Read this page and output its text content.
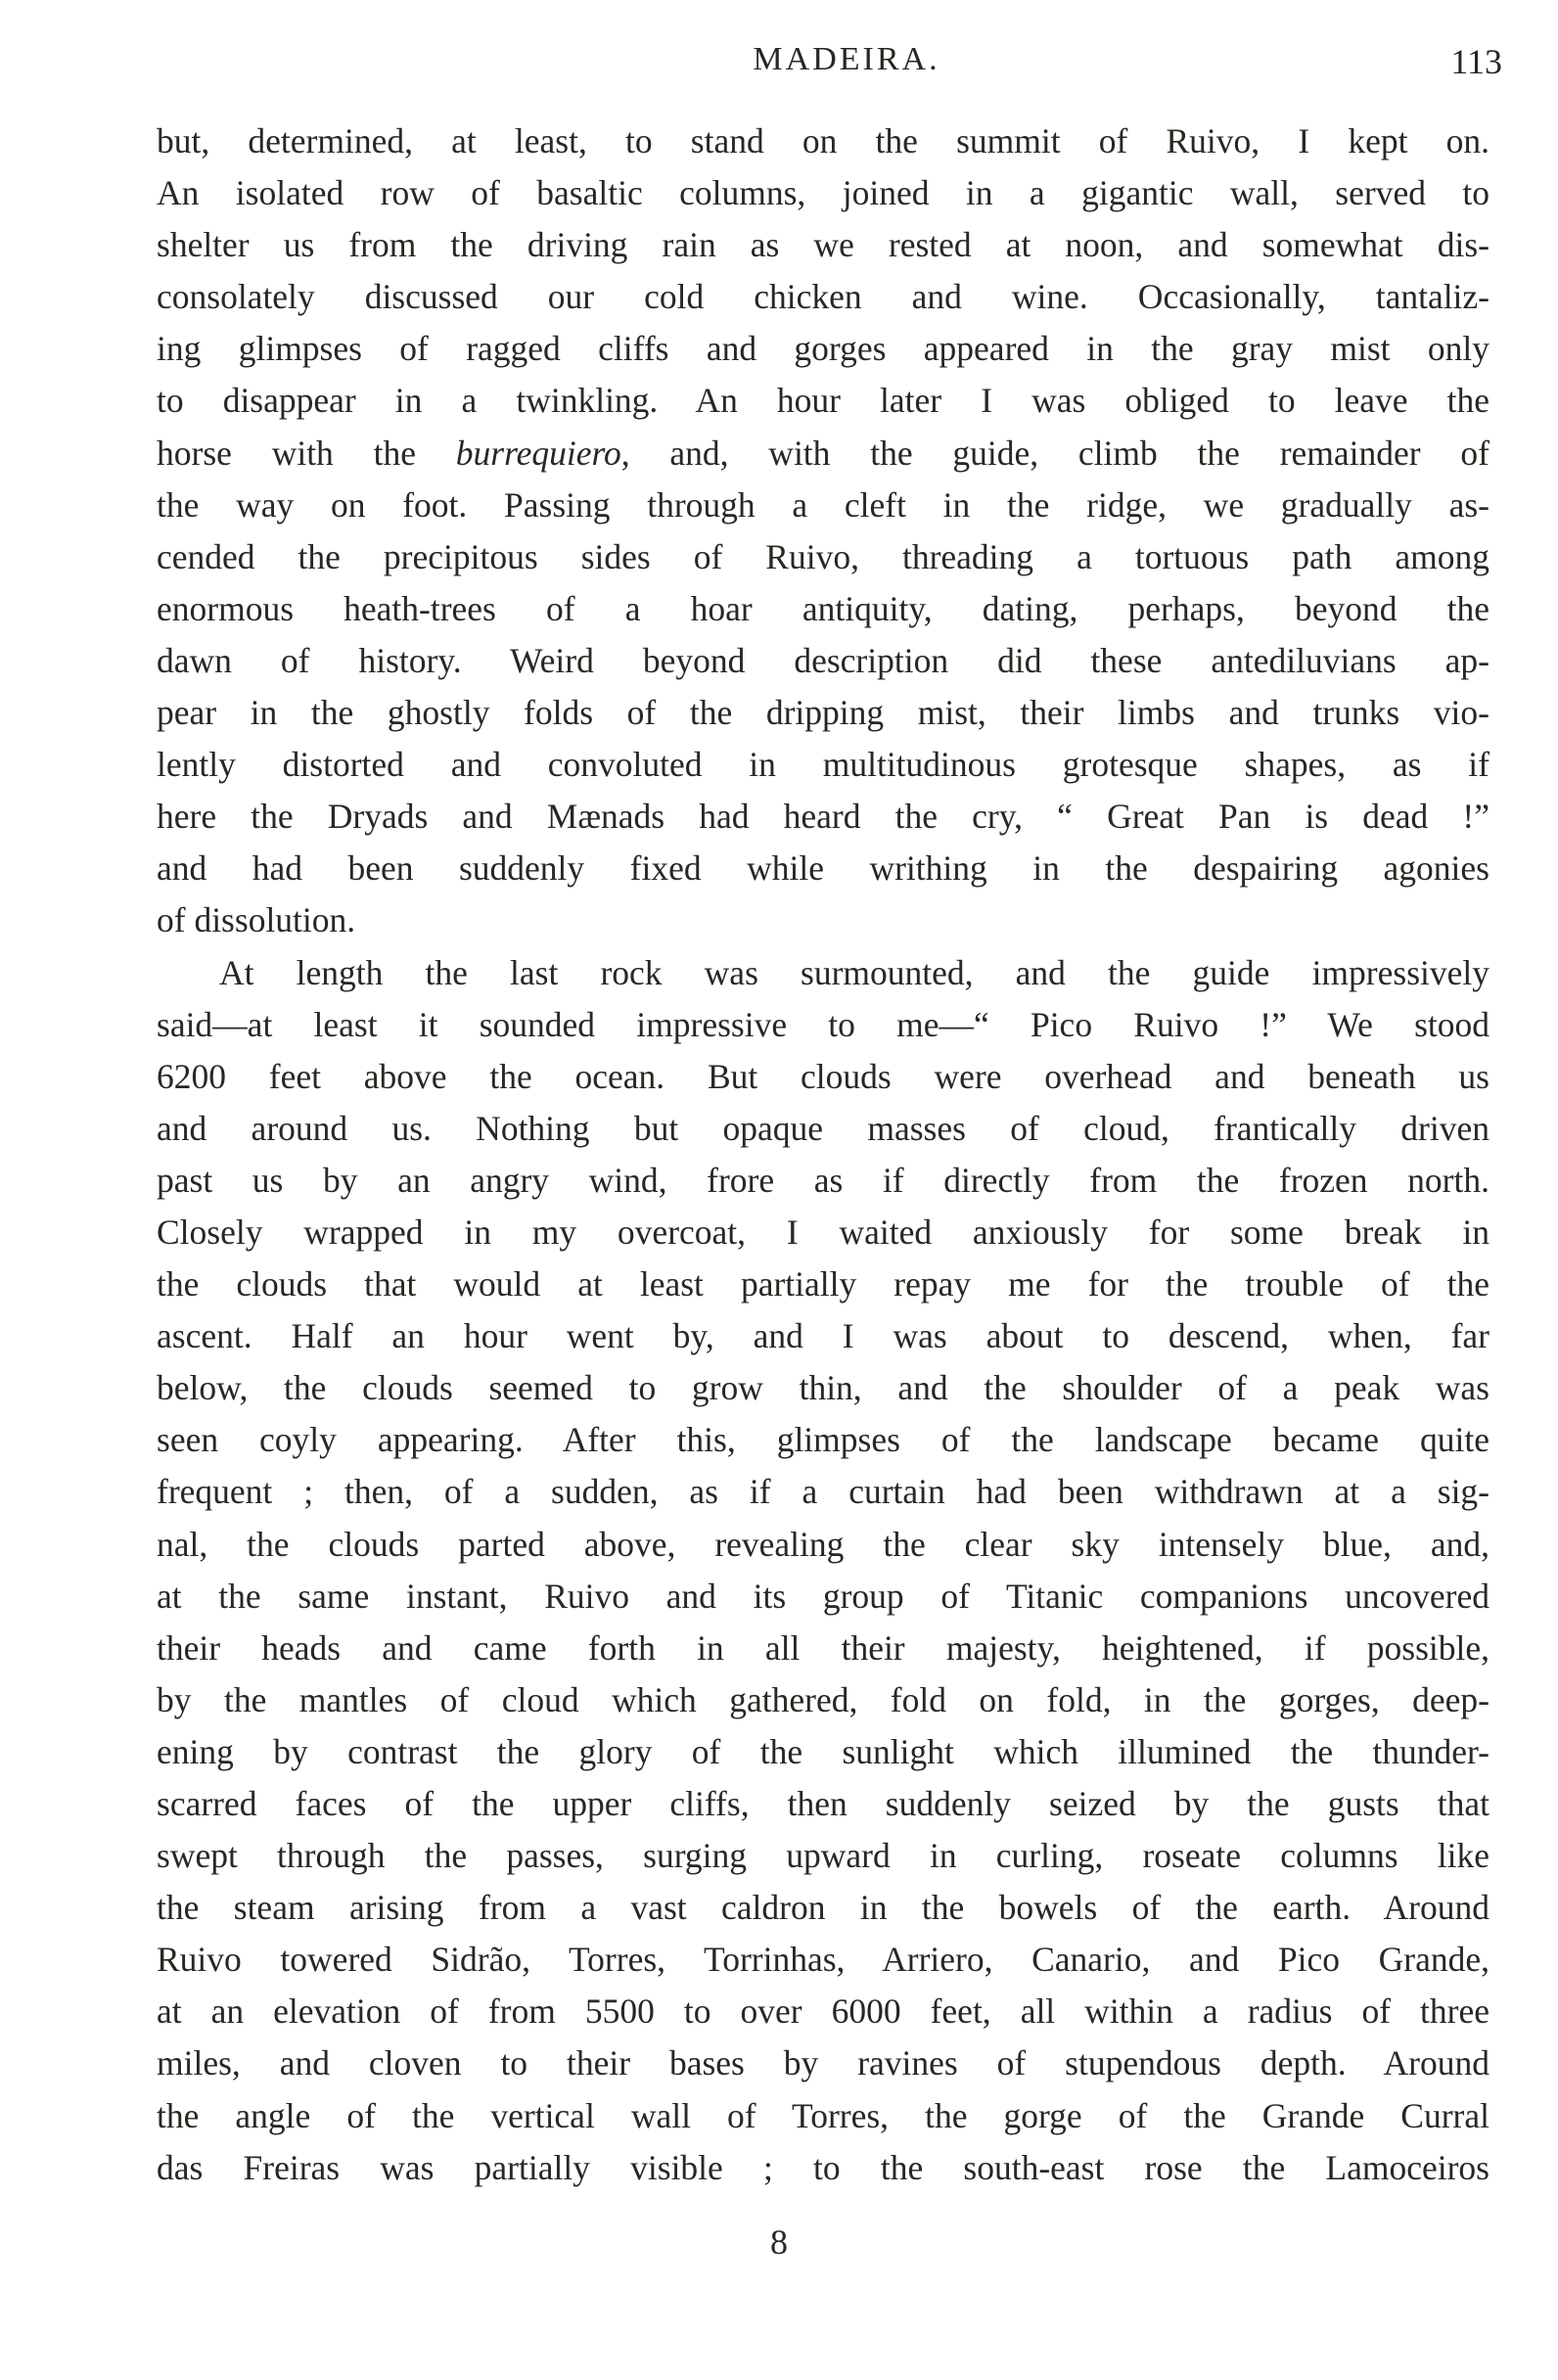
MADEIRA.	113
but, determined, at least, to stand on the summit of Ruivo, I kept on.
An isolated row of basaltic columns, joined in a gigantic wall, served to
shelter us from the driving rain as we rested at noon, and somewhat dis-
consolately discussed our cold chicken and wine. Occasionally, tantaliz-
ing glimpses of ragged cliffs and gorges appeared in the gray mist only
to disappear in a twinkling. An hour later I was obliged to leave the
horse with the burrequiero, and, with the guide, climb the remainder of
the way on foot. Passing through a cleft in the ridge, we gradually as-
cended the precipitous sides of Ruivo, threading a tortuous path among
enormous heath-trees of a hoar antiquity, dating, perhaps, beyond the
dawn of history. Weird beyond description did these antediluvians ap-
pear in the ghostly folds of the dripping mist, their limbs and trunks vio-
lently distorted and convoluted in multitudinous grotesque shapes, as if
here the Dryads and Mænads had heard the cry, “ Great Pan is dead !”
and had been suddenly fixed while writhing in the despairing agonies
of dissolution.
At length the last rock was surmounted, and the guide impressively
said—at least it sounded impressive to me—“ Pico Ruivo !” We stood
6200 feet above the ocean. But clouds were overhead and beneath us
and around us. Nothing but opaque masses of cloud, frantically driven
past us by an angry wind, frore as if directly from the frozen north.
Closely wrapped in my overcoat, I waited anxiously for some break in
the clouds that would at least partially repay me for the trouble of the
ascent. Half an hour went by, and I was about to descend, when, far
below, the clouds seemed to grow thin, and the shoulder of a peak was
seen coyly appearing. After this, glimpses of the landscape became quite
frequent ; then, of a sudden, as if a curtain had been withdrawn at a sig-
nal, the clouds parted above, revealing the clear sky intensely blue, and,
at the same instant, Ruivo and its group of Titanic companions uncovered
their heads and came forth in all their majesty, heightened, if possible,
by the mantles of cloud which gathered, fold on fold, in the gorges, deep-
ening by contrast the glory of the sunlight which illumined the thunder-
scarred faces of the upper cliffs, then suddenly seized by the gusts that
swept through the passes, surging upward in curling, roseate columns like
the steam arising from a vast caldron in the bowels of the earth. Around
Ruivo towered Sidrão, Torres, Torrinhas, Arriero, Canario, and Pico Grande,
at an elevation of from 5500 to over 6000 feet, all within a radius of three
miles, and cloven to their bases by ravines of stupendous depth. Around
the angle of the vertical wall of Torres, the gorge of the Grande Curral
das Freiras was partially visible ; to the south-east rose the Lamoceiros
8
